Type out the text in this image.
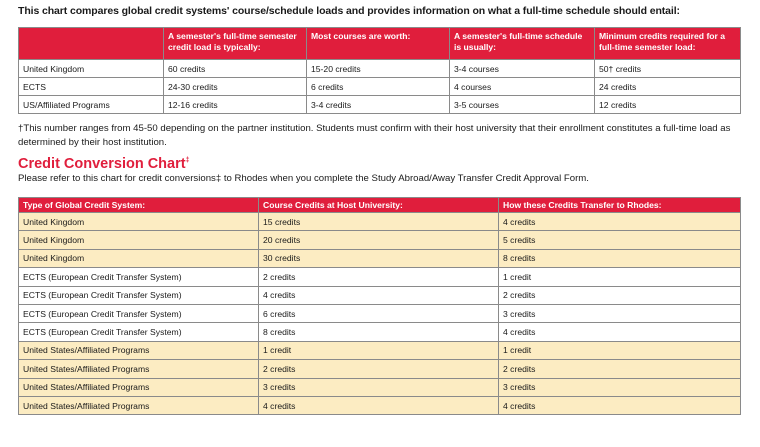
This chart compares global credit systems' course/schedule loads and provides information on what a full-time schedule should entail:
	A semester's full-time semester credit load is typically:	Most courses are worth:	A semester's full-time schedule is usually:	Minimum credits required for a full-time semester load:
United Kingdom	60 credits	15-20 credits	3-4 courses	50† credits
ECTS	24-30 credits	6 credits	4 courses	24 credits
US/Affiliated Programs	12-16 credits	3-4 credits	3-5 courses	12 credits
†This number ranges from 45-50 depending on the partner institution. Students must confirm with their host university that their enrollment constitutes a full-time load as determined by their host institution.
Credit Conversion Chart‡
Please refer to this chart for credit conversions‡ to Rhodes when you complete the Study Abroad/Away Transfer Credit Approval Form.
Type of Global Credit System:	Course Credits at Host University:	How these Credits Transfer to Rhodes:
United Kingdom	15 credits	4 credits
United Kingdom	20 credits	5 credits
United Kingdom	30 credits	8 credits
ECTS (European Credit Transfer System)	2 credits	1 credit
ECTS (European Credit Transfer System)	4 credits	2 credits
ECTS (European Credit Transfer System)	6 credits	3 credits
ECTS (European Credit Transfer System)	8 credits	4 credits
United States/Affiliated Programs	1 credit	1 credit
United States/Affiliated Programs	2 credits	2 credits
United States/Affiliated Programs	3 credits	3 credits
United States/Affiliated Programs	4 credits	4 credits
